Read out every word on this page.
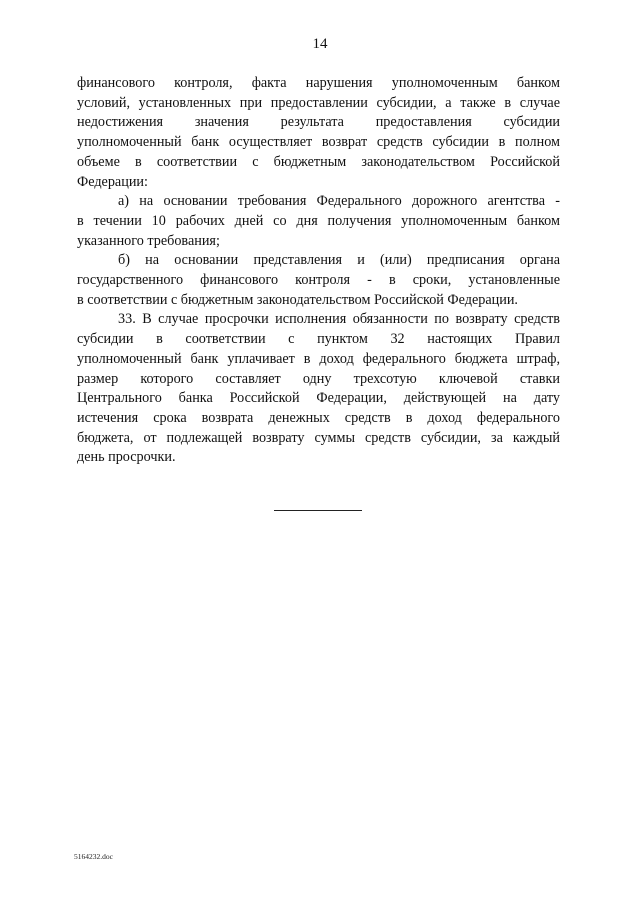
14
финансового контроля, факта нарушения уполномоченным банком
условий, установленных при предоставлении субсидии, а также в случае
недостижения значения результата предоставления субсидии
уполномоченный банк осуществляет возврат средств субсидии в полном
объеме в соответствии с бюджетным законодательством Российской
Федерации:
а) на основании требования Федерального дорожного агентства -
в течении 10 рабочих дней со дня получения уполномоченным банком
указанного требования;
б) на основании представления и (или) предписания органа
государственного финансового контроля - в сроки, установленные
в соответствии с бюджетным законодательством Российской Федерации.
33. В случае просрочки исполнения обязанности по возврату средств
субсидии в соответствии с пунктом 32 настоящих Правил
уполномоченный банк уплачивает в доход федерального бюджета штраф,
размер которого составляет одну трехсотую ключевой ставки
Центрального банка Российской Федерации, действующей на дату
истечения срока возврата денежных средств в доход федерального
бюджета, от подлежащей возврату суммы средств субсидии, за каждый
день просрочки.
5164232.doc
